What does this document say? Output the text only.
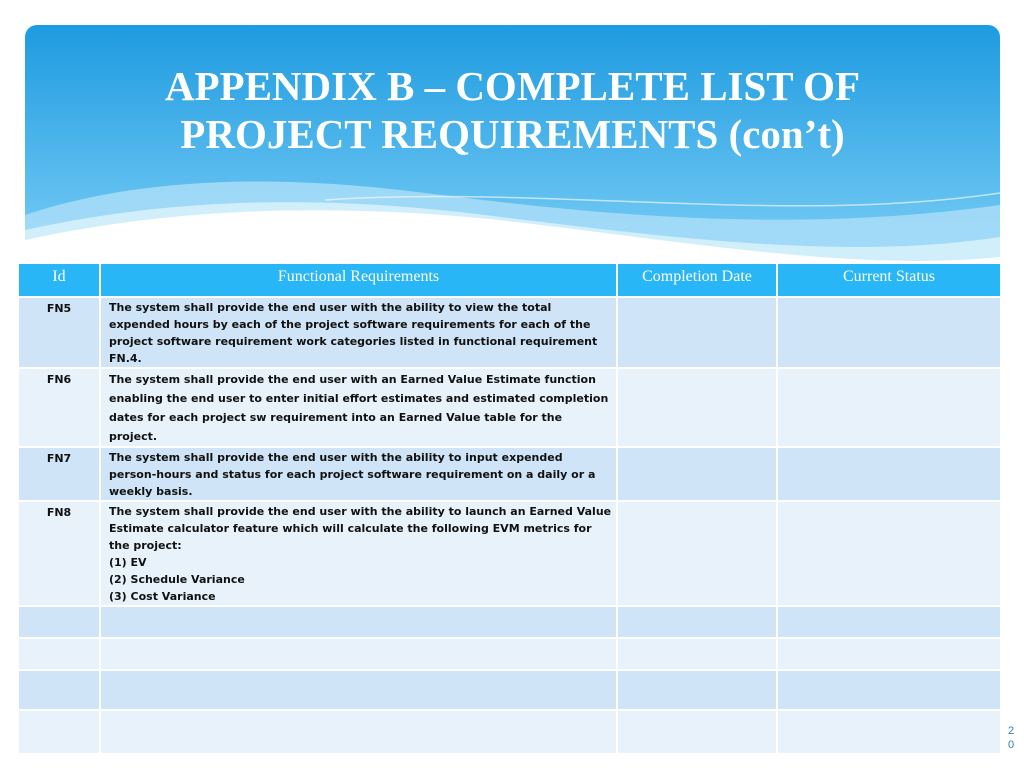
APPENDIX B – COMPLETE LIST OF
PROJECT REQUIREMENTS (con’t)
Id	Functional Requirements	Completion Date	Current Status
FN5	The system shall provide the end user with the ability to view the total expended hours by each of the project software requirements for each of the project software requirement work categories listed in functional requirement FN.4.		
FN6	The system shall provide the end user with an Earned Value Estimate function enabling the end user to enter initial effort estimates and estimated completion dates for each project sw requirement into an Earned Value table for the project.		
FN7	The system shall provide the end user with the ability to input expended person-hours and status for each project software requirement on a daily or a weekly basis.		
FN8	The system shall provide the end user with the ability to launch an Earned Value Estimate calculator feature which will calculate the following EVM metrics for the project:
(1) EV
(2) Schedule Variance
(3) Cost Variance		

2
0
